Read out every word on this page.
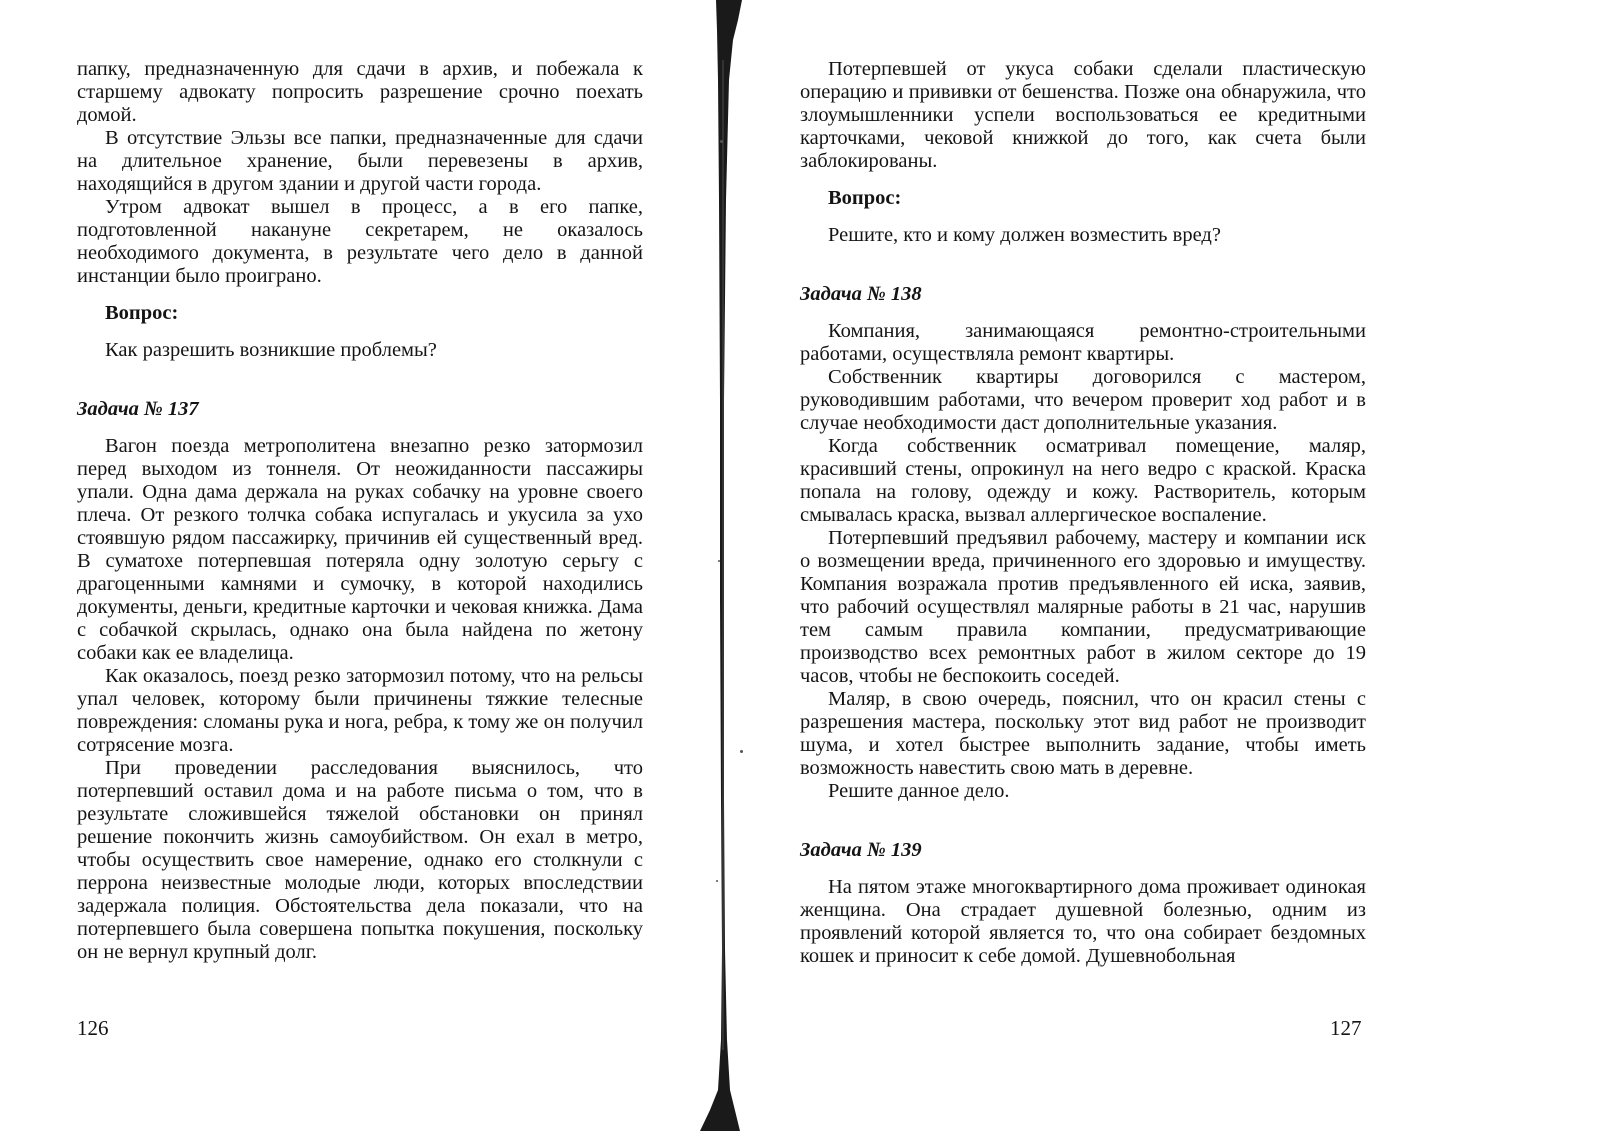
папку, предназначенную для сдачи в архив, и побежала к старшему адвокату попросить разрешение срочно поехать домой.

В отсутствие Эльзы все папки, предназначенные для сдачи на длительное хранение, были перевезены в архив, находящийся в другом здании и другой части города.

Утром адвокат вышел в процесс, а в его папке, подготовленной накануне секретарем, не оказалось необходимого документа, в результате чего дело в данной инстанции было проиграно.

Вопрос:

Как разрешить возникшие проблемы?

Задача № 137

Вагон поезда метрополитена внезапно резко затормозил перед выходом из тоннеля. От неожиданности пассажиры упали. Одна дама держала на руках собачку на уровне своего плеча. От резкого толчка собака испугалась и укусила за ухо стоявшую рядом пассажирку, причинив ей существенный вред. В суматохе потерпевшая потеряла одну золотую серьгу с драгоценными камнями и сумочку, в которой находились документы, деньги, кредитные карточки и чековая книжка. Дама с собачкой скрылась, однако она была найдена по жетону собаки как ее владелица.

Как оказалось, поезд резко затормозил потому, что на рельсы упал человек, которому были причинены тяжкие телесные повреждения: сломаны рука и нога, ребра, к тому же он получил сотрясение мозга.

При проведении расследования выяснилось, что потерпевший оставил дома и на работе письма о том, что в результате сложившейся тяжелой обстановки он принял решение покончить жизнь самоубийством. Он ехал в метро, чтобы осуществить свое намерение, однако его столкнули с перрона неизвестные молодые люди, которых впоследствии задержала полиция. Обстоятельства дела показали, что на потерпевшего была совершена попытка покушения, поскольку он не вернул крупный долг.

126

Потерпевшей от укуса собаки сделали пластическую операцию и прививки от бешенства. Позже она обнаружила, что злоумышленники успели воспользоваться ее кредитными карточками, чековой книжкой до того, как счета были заблокированы.

Вопрос:

Решите, кто и кому должен возместить вред?

Задача № 138

Компания, занимающаяся ремонтно-строительными работами, осуществляла ремонт квартиры.

Собственник квартиры договорился с мастером, руководившим работами, что вечером проверит ход работ и в случае необходимости даст дополнительные указания.

Когда собственник осматривал помещение, маляр, красивший стены, опрокинул на него ведро с краской. Краска попала на голову, одежду и кожу. Растворитель, которым смывалась краска, вызвал аллергическое воспаление.

Потерпевший предъявил рабочему, мастеру и компании иск о возмещении вреда, причиненного его здоровью и имуществу. Компания возражала против предъявленного ей иска, заявив, что рабочий осуществлял малярные работы в 21 час, нарушив тем самым правила компании, предусматривающие производство всех ремонтных работ в жилом секторе до 19 часов, чтобы не беспокоить соседей.

Маляр, в свою очередь, пояснил, что он красил стены с разрешения мастера, поскольку этот вид работ не производит шума, и хотел быстрее выполнить задание, чтобы иметь возможность навестить свою мать в деревне.

Решите данное дело.

Задача № 139

На пятом этаже многоквартирного дома проживает одинокая женщина. Она страдает душевной болезнью, одним из проявлений которой является то, что она собирает бездомных кошек и приносит к себе домой. Душевнобольная

127
